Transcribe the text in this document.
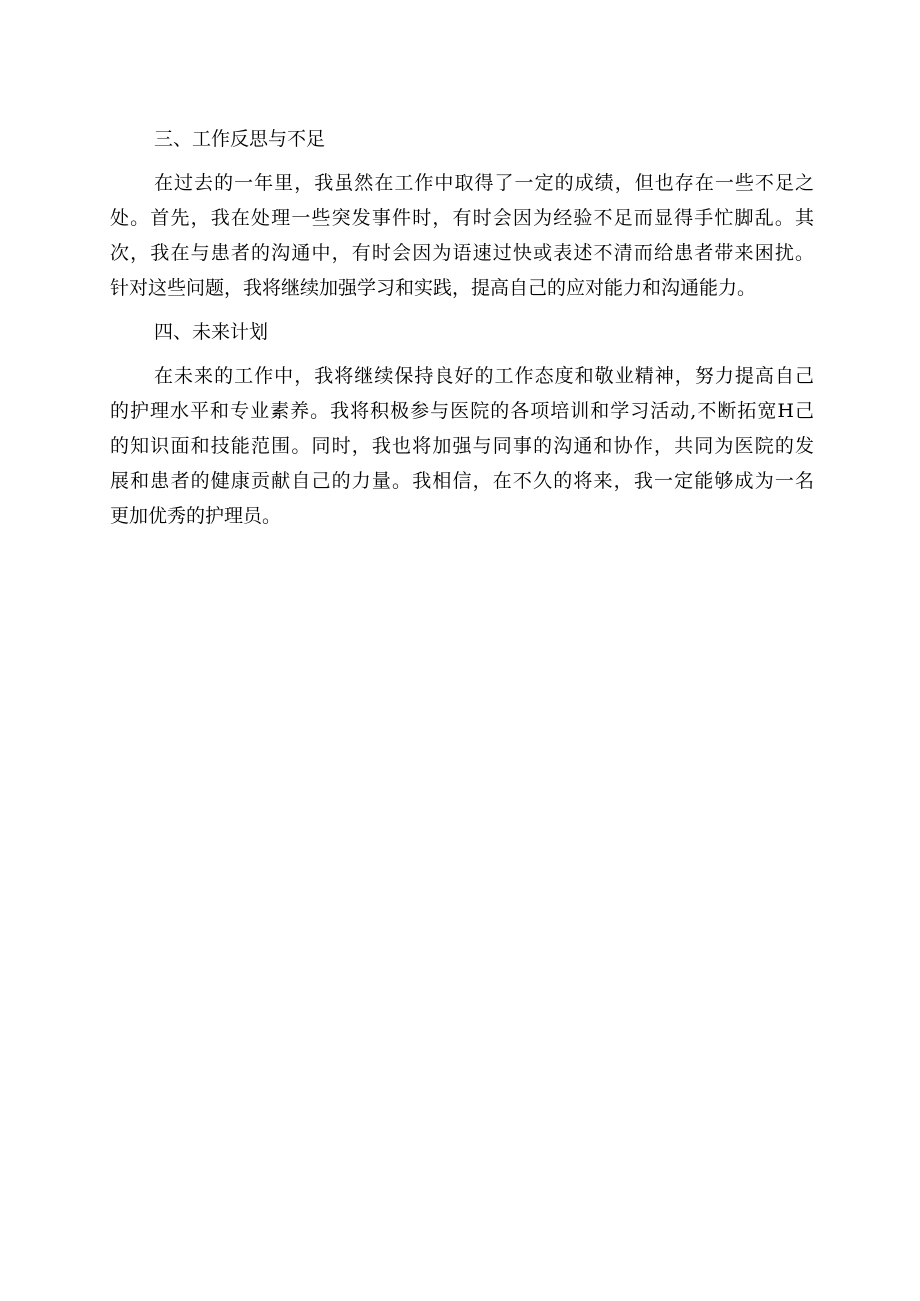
三、工作反思与不足
在过去的一年里，我虽然在工作中取得了一定的成绩，但也存在一些不足之
处。首先，我在处理一些突发事件时，有时会因为经验不足而显得手忙脚乱。其
次，我在与患者的沟通中，有时会因为语速过快或表述不清而给患者带来困扰。
针对这些问题，我将继续加强学习和实践，提高自己的应对能力和沟通能力。
四、未来计划
在未来的工作中，我将继续保持良好的工作态度和敬业精神，努力提高自己
的护理水平和专业素养。我将积极参与医院的各项培训和学习活动,不断拓宽H己
的知识面和技能范围。同时，我也将加强与同事的沟通和协作，共同为医院的发
展和患者的健康贡献自己的力量。我相信，在不久的将来，我一定能够成为一名
更加优秀的护理员。
